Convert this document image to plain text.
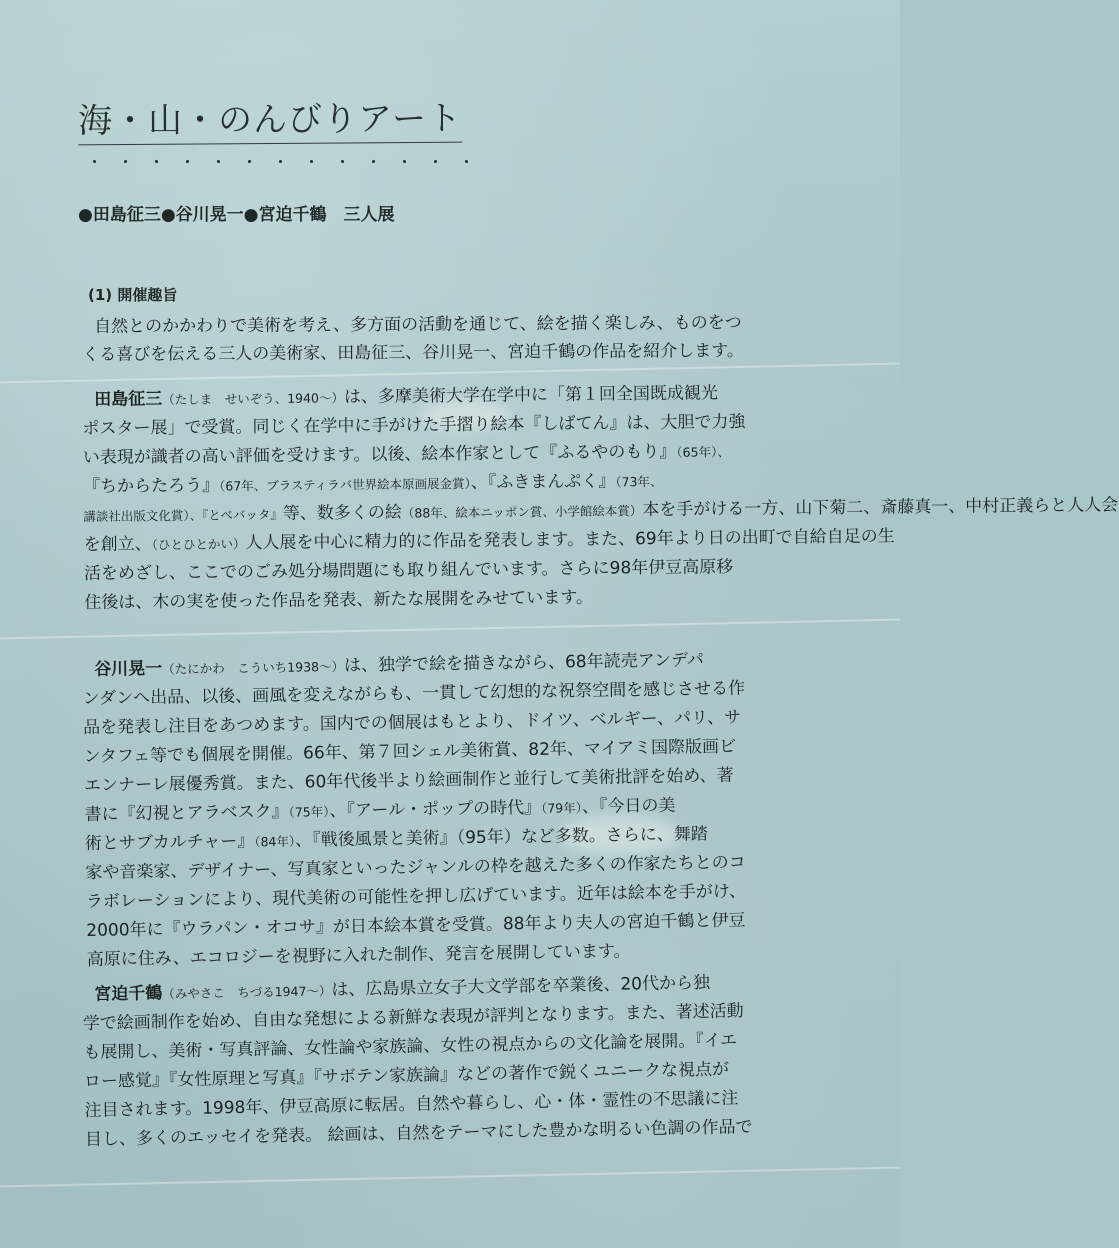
海・山・のんびりアート
・・・・・・・・・・・・・
●田島征三●谷川晃一●宮迫千鶴　三人展
(1) 開催趣旨
自然とのかかわりで美術を考え、多方面の活動を通じて、絵を描く楽しみ、ものをつ
くる喜びを伝える三人の美術家、田島征三、谷川晃一、宮迫千鶴の作品を紹介します。
田島征三（たしま　せいぞう、1940〜）は、多摩美術大学在学中に「第１回全国既成観光
ポスター展」で受賞。同じく在学中に手がけた手摺り絵本『しばてん』は、大胆で力強
い表現が識者の高い評価を受けます。以後、絵本作家として『ふるやのもり』（65年）、
『ちからたろう』（67年、ブラスティラバ世界絵本原画展金賞）、『ふきまんぷく』（73年、
講談社出版文化賞）、『とべバッタ』等、数多くの絵（88年、絵本ニッポン賞、小学館絵本賞）本を手がける一方、山下菊二、斎藤真一、中村正義らと人人会
を創立、（ひとひとかい）人人展を中心に精力的に作品を発表します。また、69年より日の出町で自給自足の生
活をめざし、ここでのごみ処分場問題にも取り組んでいます。さらに98年伊豆高原移
住後は、木の実を使った作品を発表、新たな展開をみせています。
谷川晃一（たにかわ　こういち1938〜）は、独学で絵を描きながら、68年読売アンデパ
ンダンへ出品、以後、画風を変えながらも、一貫して幻想的な祝祭空間を感じさせる作
品を発表し注目をあつめます。国内での個展はもとより、ドイツ、ベルギー、パリ、サ
ンタフェ等でも個展を開催。66年、第７回シェル美術賞、82年、マイアミ国際版画ビ
エンナーレ展優秀賞。また、60年代後半より絵画制作と並行して美術批評を始め、著
書に『幻視とアラベスク』（75年）、『アール・ポップの時代』（79年）、『今日の美
術とサブカルチャー』（84年）、『戦後風景と美術』（95年）など多数。さらに、舞踏
家や音楽家、デザイナー、写真家といったジャンルの枠を越えた多くの作家たちとのコ
ラボレーションにより、現代美術の可能性を押し広げています。近年は絵本を手がけ、
2000年に『ウラパン・オコサ』が日本絵本賞を受賞。88年より夫人の宮迫千鶴と伊豆
高原に住み、エコロジーを視野に入れた制作、発言を展開しています。
宮迫千鶴（みやさこ　ちづる1947〜）は、広島県立女子大文学部を卒業後、20代から独
学で絵画制作を始め、自由な発想による新鮮な表現が評判となります。また、著述活動
も展開し、美術・写真評論、女性論や家族論、女性の視点からの文化論を展開。『イエ
ロー感覚』『女性原理と写真』『サボテン家族論』などの著作で鋭くユニークな視点が
注目されます。1998年、伊豆高原に転居。自然や暮らし、心・体・霊性の不思議に注
目し、多くのエッセイを発表。 絵画は、自然をテーマにした豊かな明るい色調の作品で
